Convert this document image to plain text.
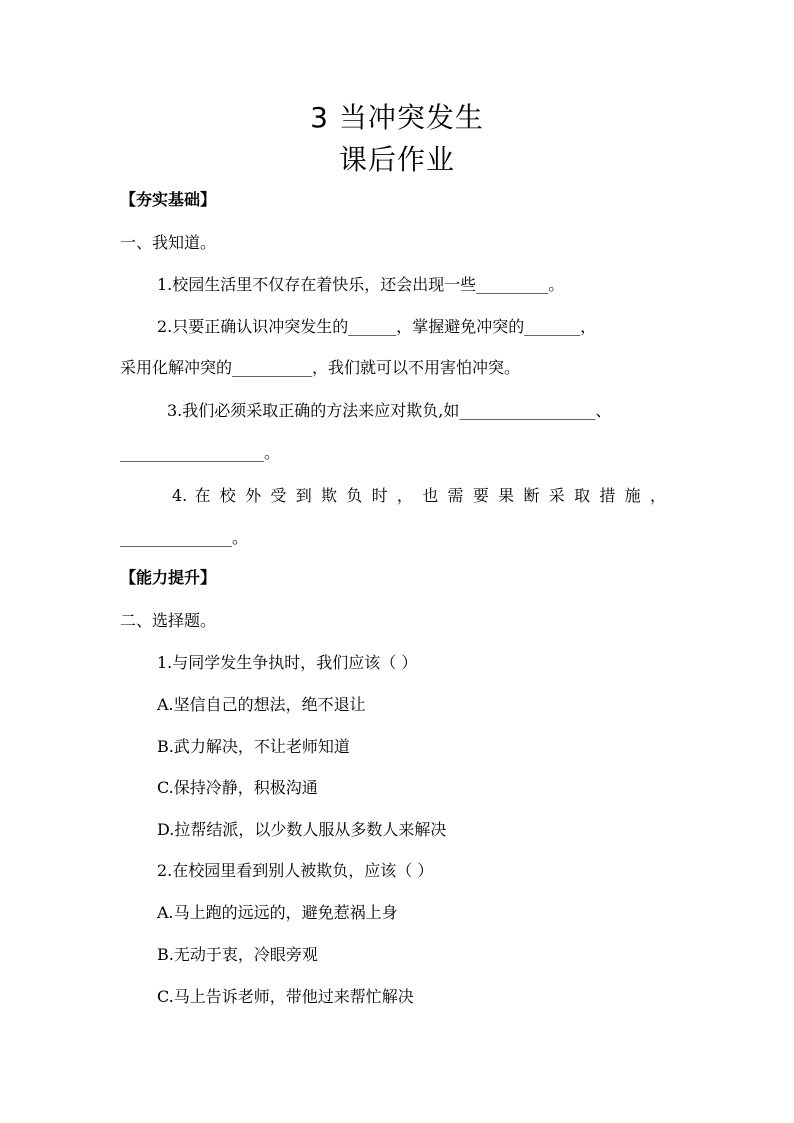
3 当冲突发生
课后作业
【夯实基础】
一、我知道。
1.校园生活里不仅存在着快乐，还会出现一些_________。
2.只要正确认识冲突发生的______，掌握避免冲突的_______，
采用化解冲突的__________，我们就可以不用害怕冲突。
3.我们必须采取正确的方法来应对欺负,如_________________、
__________________。
4. 在 校 外 受 到 欺 负 时 ， 也 需 要 果 断 采 取 措 施 ，
______________。
【能力提升】
二、选择题。
1.与同学发生争执时，我们应该（ ）
A.坚信自己的想法，绝不退让
B.武力解决，不让老师知道
C.保持冷静，积极沟通
D.拉帮结派，以少数人服从多数人来解决
2.在校园里看到别人被欺负，应该（ ）
A.马上跑的远远的，避免惹祸上身
B.无动于衷，冷眼旁观
C.马上告诉老师，带他过来帮忙解决
